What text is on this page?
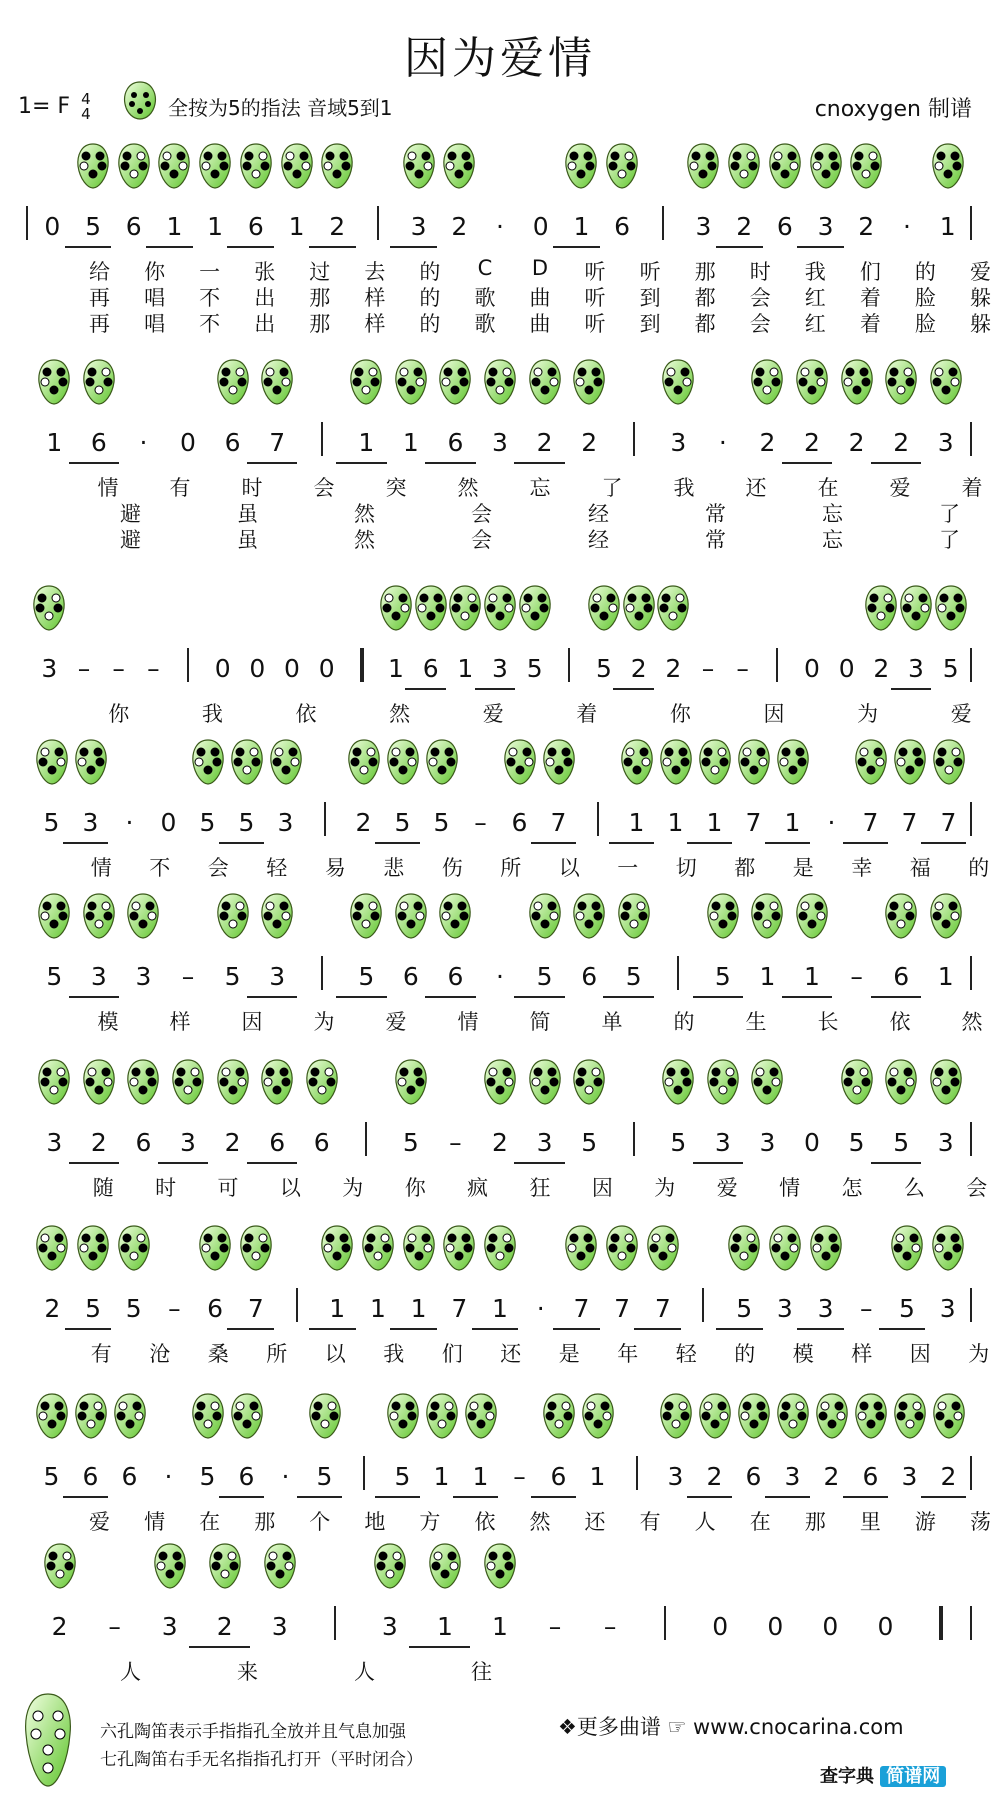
因为爱情
1= F 4
4	全按为5的指法 音域5到1	cnoxygen 制谱
0 5 6 1 1 6 1 2	3 2	·	0 1 6	3 2 6 3 2	·	1
给 你 一 张 过 去 的 C D 听 听 那 时 我 们 的 爱
再 唱 不 出 那 样 的 歌 曲 听 到 都 会 红 着 脸 躲
再 唱 不 出 那 样 的 歌 曲 听 到 都 会 红 着 脸 躲
1 6	·	0 6 7	1 1 6 3 2 2	3	·	2 2 2 2 3
情 有 时 会 突 然 忘 了 我 还 在 爱 着
避	虽	然	会	经	常	忘	了
避	虽	然	会	经	常	忘	了
3 – – – 0 0 0 0 1 6 1 3 5 5 2 2 – – 0 0 2 3 5
你	我	依	然	爱	着	你	因	为	爱
5 3	·	0 5 5 3 2 5 5 – 6 7 1 1 1 7 1	·	7 7 7
情 不 会 轻 易 悲 伤 所 以 一 切 都 是 幸 福 的
5 3 3 – 5 3	5 6 6	·	5 6 5	5 1 1 – 6 1
模 样 因 为 爱 情 简 单 的 生 长 依 然
3 2 6 3 2 6 6	5 – 2 3 5	5 3 3 0 5 5 3
随 时 可 以 为 你 疯 狂 因 为 爱 情 怎 么 会
2 5 5 – 6 7	1 1 1 7 1	·	7 7 7	5 3 3 – 5 3
有 沧 桑 所 以 我 们 还 是 年 轻 的 模 样 因 为
5 6 6	·	5 6	·	5 5 1 1 – 6 1 3 2 6 3 2 6 3 2
爱 情 在 那 个 地 方 依 然 还 有 人 在 那 里 游 荡
2 – 3 2 3	3 1 1 – –	0 0 0 0
人	来	人	往
六孔陶笛表示手指指孔全放并且气息加强
七孔陶笛右手无名指指孔打开（平时闭合）
❖更多曲谱 ☞ www.cnocarina.com
查字典 简谱网
